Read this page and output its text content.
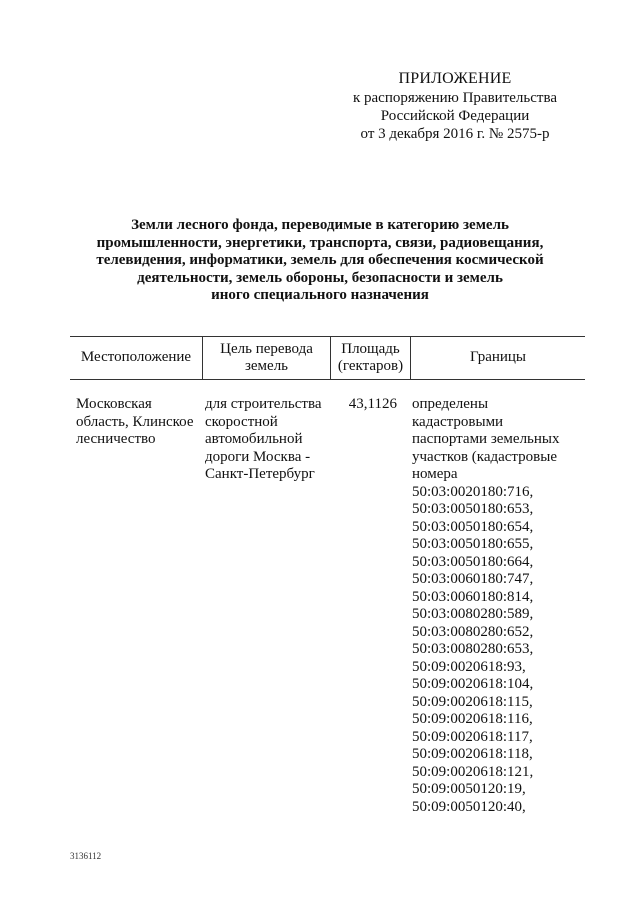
ПРИЛОЖЕНИЕ
к распоряжению Правительства
Российской Федерации
от 3 декабря 2016 г. № 2575-р
Земли лесного фонда, переводимые в категорию земель
промышленности, энергетики, транспорта, связи, радиовещания,
телевидения, информатики, земель для обеспечения космической
деятельности, земель обороны, безопасности и земель
иного специального назначения
Местоположение
Цель перевода
земель
Площадь
(гектаров)
Границы
Московская
область, Клинское
лесничество
для строительства
скоростной
автомобильной
дороги Москва -
Санкт-Петербург
43,1126 определены
кадастровыми
паспортами земельных
участков (кадастровые
номера
50:03:0020180:716,
50:03:0050180:653,
50:03:0050180:654,
50:03:0050180:655,
50:03:0050180:664,
50:03:0060180:747,
50:03:0060180:814,
50:03:0080280:589,
50:03:0080280:652,
50:03:0080280:653,
50:09:0020618:93,
50:09:0020618:104,
50:09:0020618:115,
50:09:0020618:116,
50:09:0020618:117,
50:09:0020618:118,
50:09:0020618:121,
50:09:0050120:19,
50:09:0050120:40,
3136112
